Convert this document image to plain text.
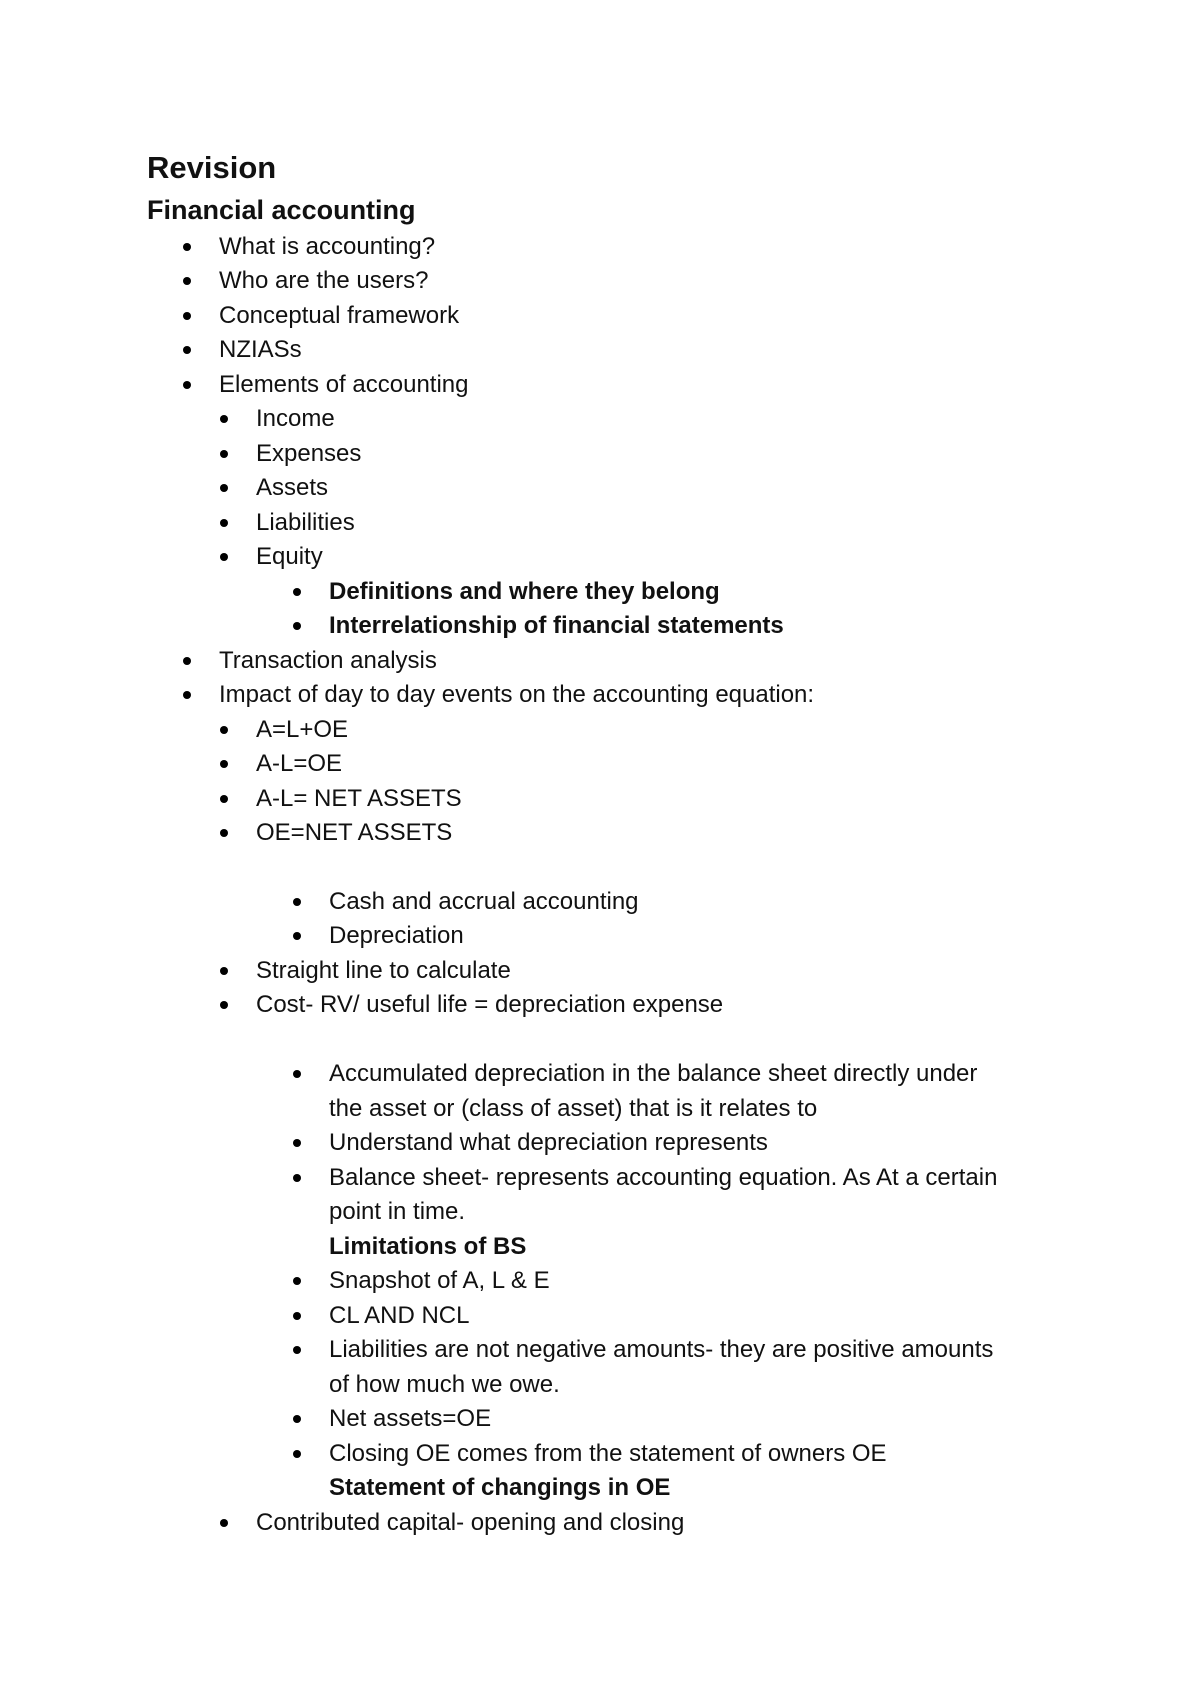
Revision
Financial accounting
What is accounting?
Who are the users?
Conceptual framework
NZIASs
Elements of accounting
Income
Expenses
Assets
Liabilities
Equity
Definitions and where they belong
Interrelationship of financial statements
Transaction analysis
Impact of day to day events on the accounting equation:
A=L+OE
A-L=OE
A-L= NET ASSETS
OE=NET ASSETS
Cash and accrual accounting
Depreciation
Straight line to calculate
Cost- RV/ useful life = depreciation expense
Accumulated depreciation in the balance sheet directly under
the asset or (class of asset) that is it relates to
Understand what depreciation represents
Balance sheet- represents accounting equation. As At a certain
point in time.
Limitations of BS
Snapshot of A, L & E
CL AND NCL
Liabilities are not negative amounts- they are positive amounts
of how much we owe.
Net assets=OE
Closing OE comes from the statement of owners OE
Statement of changings in OE
Contributed capital- opening and closing
